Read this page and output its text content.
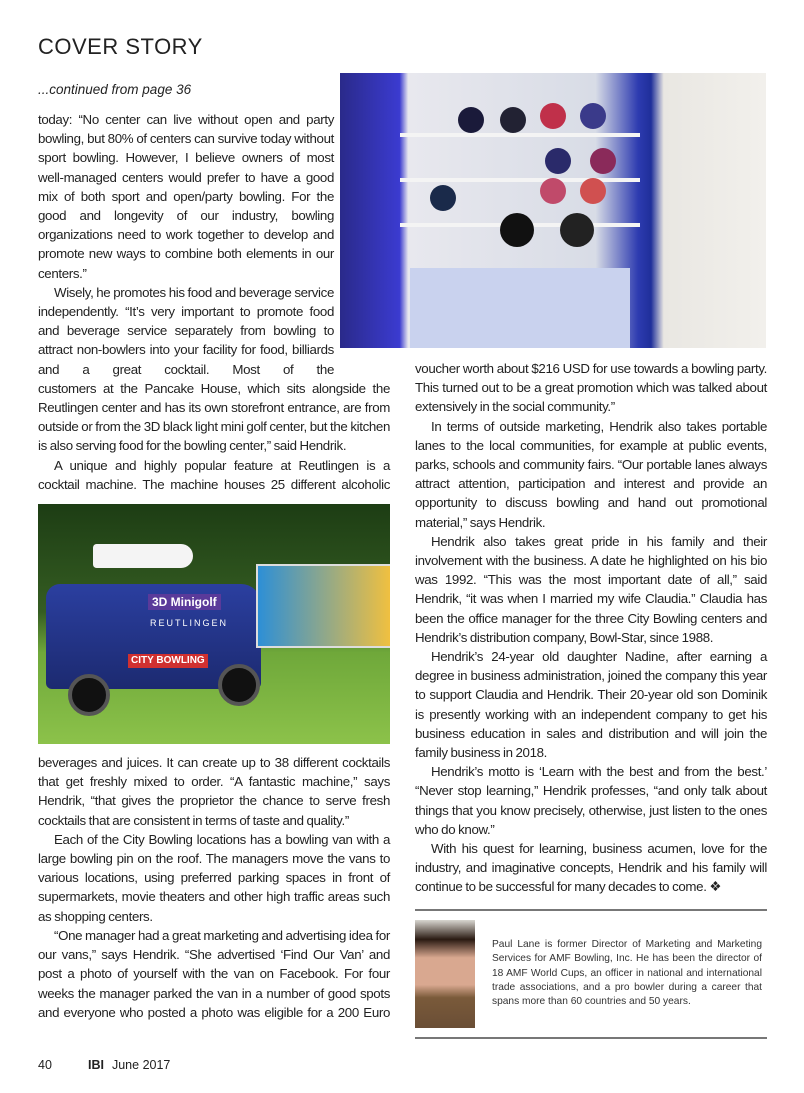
COVER STORY
...continued from page 36

today: “No center can live without open and party bowling, but 80% of centers can survive today without sport bowling. However, I believe owners of most well-managed centers would prefer to have a good mix of both sport and open/party bowling. For the good and longevity of our industry, bowling organizations need to work together to develop and promote new ways to combine both elements in our centers.”

Wisely, he promotes his food and beverage service independently. “It’s very important to promote food and beverage service separately from bowling to attract non-bowlers into your facility for food, billiards and a great cocktail. Most of the

customers at the Pancake House, which sits alongside the Reutlingen center and has its own storefront entrance, are from outside or from the 3D black light mini golf center, but the kitchen is also serving food for the bowling center,” said Hendrik.

A unique and highly popular feature at Reutlingen is a cocktail machine. The machine houses 25 different alcoholic

3D Minigolf
REUTLINGEN
CITY BOWLING

beverages and juices. It can create up to 38 different cocktails that get freshly mixed to order. “A fantastic machine,” says Hendrik, “that gives the proprietor the chance to serve fresh cocktails that are consistent in terms of taste and quality.”

Each of the City Bowling locations has a bowling van with a large bowling pin on the roof. The managers move the vans to various locations, using preferred parking spaces in front of supermarkets, movie theaters and other high traffic areas such as shopping centers.

“One manager had a great marketing and advertising idea for our vans,” says Hendrik. “She advertised ‘Find Our Van’ and post a photo of yourself with the van on Facebook. For four weeks the manager parked the van in a number of good spots and everyone who posted a photo was eligible for a 200 Euro

voucher worth about $216 USD for use towards a bowling party. This turned out to be a great promotion which was talked about extensively in the social community.”

In terms of outside marketing, Hendrik also takes portable lanes to the local communities, for example at public events, parks, schools and community fairs. “Our portable lanes always attract attention, participation and interest and provide an opportunity to discuss bowling and hand out promotional material,” says Hendrik.

Hendrik also takes great pride in his family and their involvement with the business. A date he highlighted on his bio was 1992. “This was the most important date of all,” said Hendrik, “it was when I married my wife Claudia.” Claudia has been the office manager for the three City Bowling centers and Hendrik’s distribution company, Bowl-Star, since 1988.

Hendrik’s 24-year old daughter Nadine, after earning a degree in business administration, joined the company this year to support Claudia and Hendrik. Their 20-year old son Dominik is presently working with an independent company to get his business education in sales and distribution and will join the family business in 2018.

Hendrik’s motto is ‘Learn with the best and from the best.’ “Never stop learning,” Hendrik professes, “and only talk about things that you know precisely, otherwise, just listen to the ones who do know.”

With his quest for learning, business acumen, love for the industry, and imaginative concepts, Hendrik and his family will continue to be successful for many decades to come. ❖

Paul Lane is former Director of Marketing and Marketing Services for AMF Bowling, Inc. He has been the director of 18 AMF World Cups, an officer in national and international trade associations, and a pro bowler during a career that spans more than 60 countries and 50 years.
40	IBI June 2017
